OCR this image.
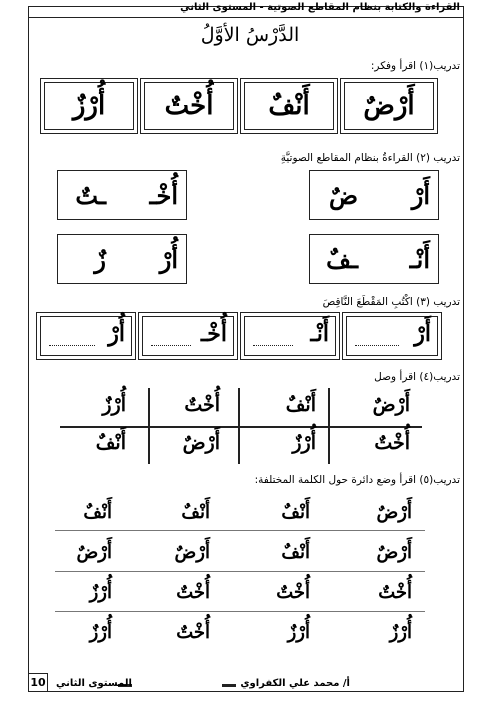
القراءة والكتابة بنظام المقاطع الصوتية - المستوى الثاني
الدَّرْسُ الأوَّلُ
تدريب(١) اقرأ وفكر:
أَرْضٌ
أَنْفٌ
أُخْتٌ
أُرْزٌ
تدريب (٢) القراءةُ بنظام المقاطع الصوتيَّةِ
أَرْ
ضٌ
أُخْـ
ـتٌ
أَنْـ
ـفٌ
أُرْ
زٌ
تدريب (٣) اكْتُبِ المَقْطَعَ النَّاقِصَ
أَرْ
أَنْـ
أُخْـ
أُرْ
تدريب(٤) اقرأ وصل
أَرْضٌ
أَنْفٌ
أُخْتٌ
أُرْزٌ
أُخْتٌ
أُرْزٌ
أَرْضٌ
أَنْفٌ
تدريب(٥) اقرأ وضع دائرة حول الكلمة المختلفة:
أَرْضٌ
أَنْفٌ
أَنْفٌ
أَنْفٌ
أَرْضٌ
أَنْفٌ
أَرْضٌ
أَرْضٌ
أُخْتٌ
أُخْتٌ
أُخْتٌ
أُرْزٌ
أُرْزٌ
أُرْزٌ
أُخْتٌ
أُرْزٌ
أ/ محمد علي الكفراوي
المستوى الثاني
10
